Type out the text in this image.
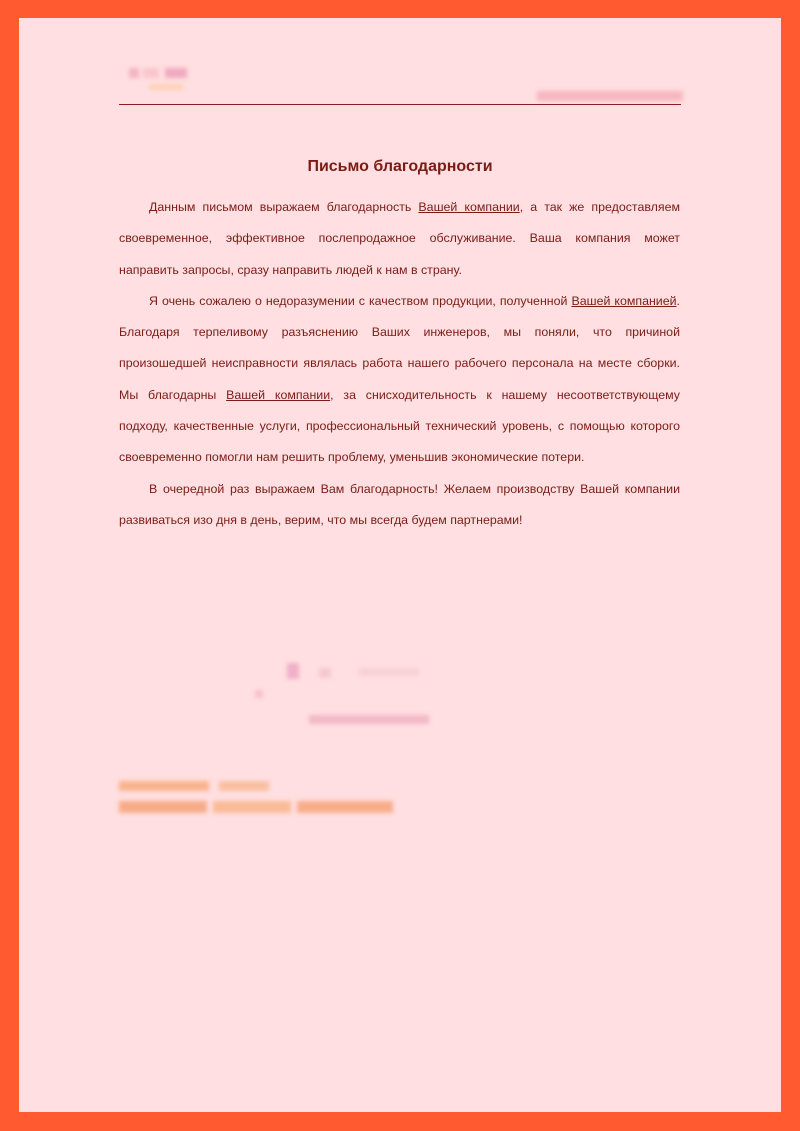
Письмо благодарности

Данным письмом выражаем благодарность Вашей компании, а так же предоставляем своевременное, эффективное послепродажное обслуживание. Ваша компания может направить запросы, сразу направить людей к нам в страну.

Я очень сожалею о недоразумении с качеством продукции, полученной Вашей компанией. Благодаря терпеливому разъяснению Ваших инженеров, мы поняли, что причиной произошедшей неисправности являлась работа нашего рабочего персонала на месте сборки. Мы благодарны Вашей компании, за снисходительность к нашему несоответствующему подходу, качественные услуги, профессиональный технический уровень, с помощью которого своевременно помогли нам решить проблему, уменьшив экономические потери.

В очередной раз выражаем Вам благодарность! Желаем производству Вашей компании развиваться изо дня в день, верим, что мы всегда будем партнерами!
